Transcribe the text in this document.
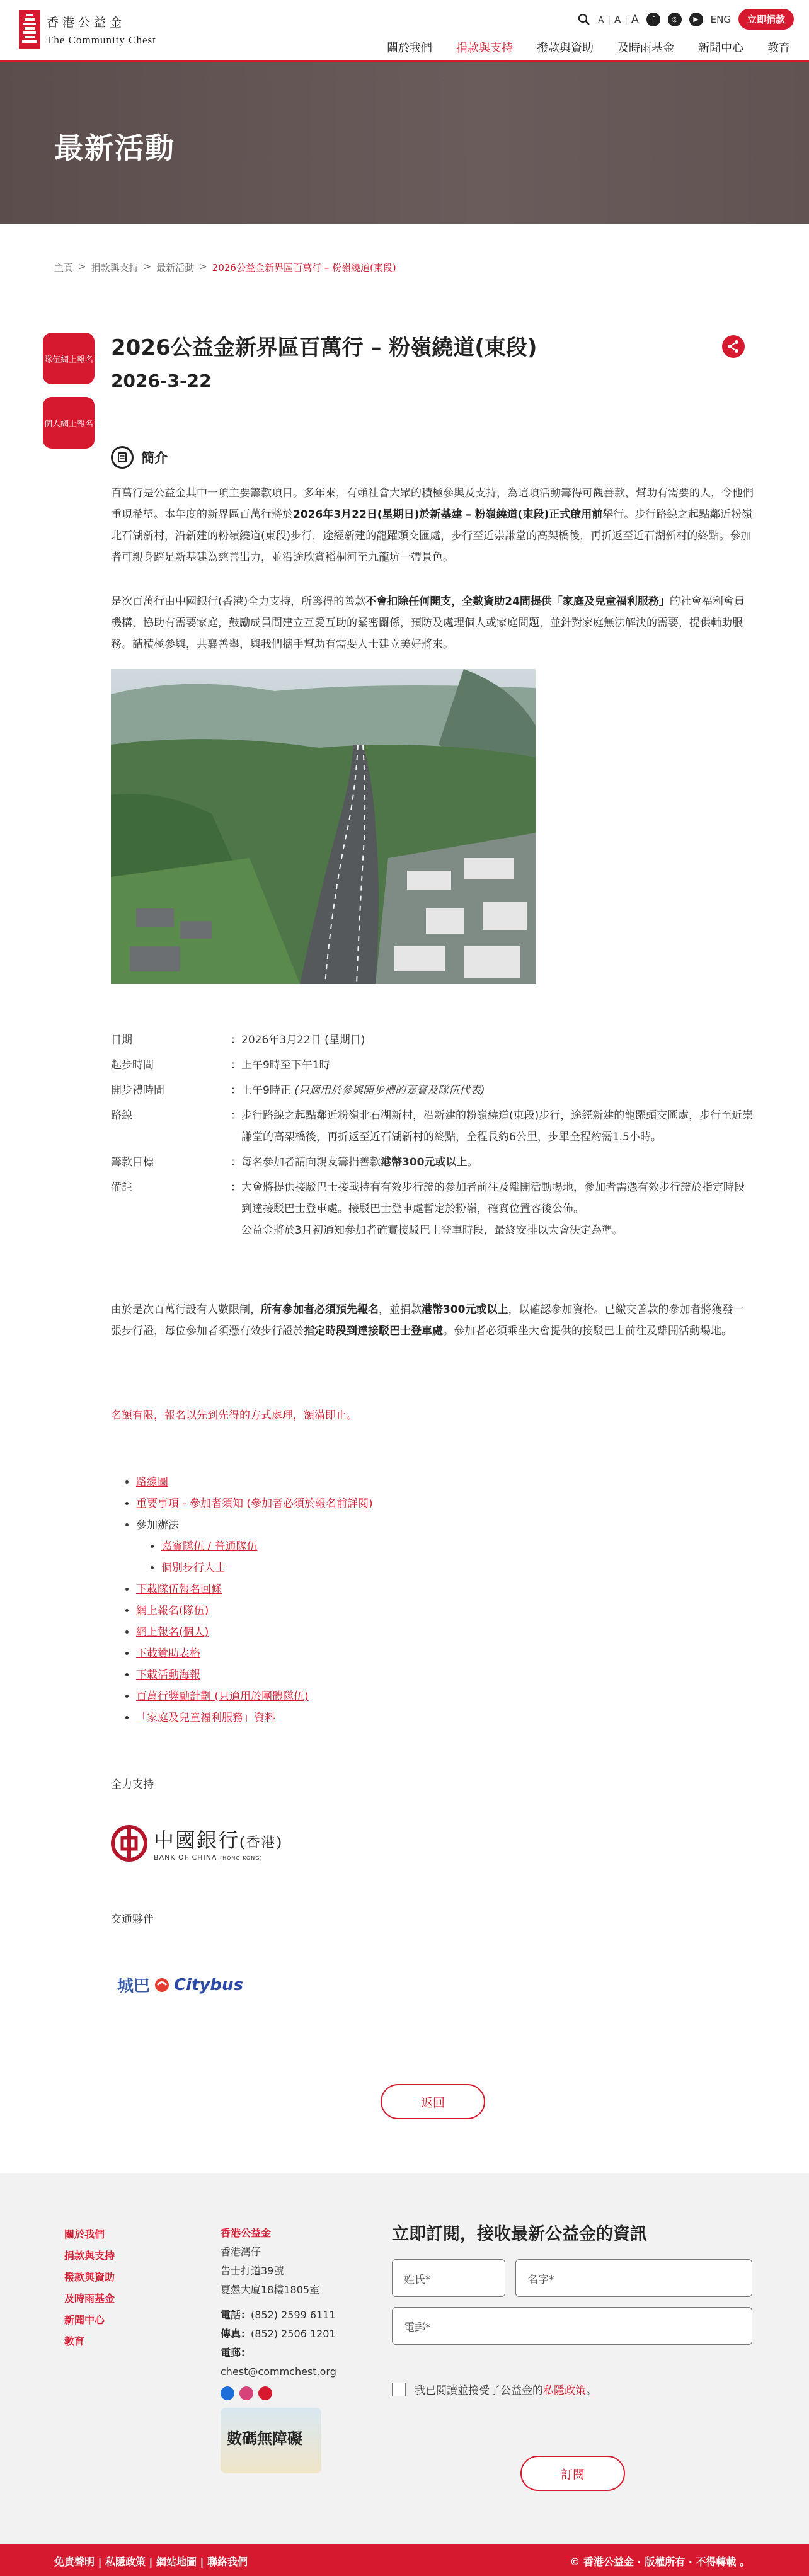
香港公益金
The Community Chest
A | A | A	f	◎	▶	ENG	立即捐款
關於我們 捐款與支持 撥款與資助 及時雨基金 新聞中心 教育
最新活動
主頁 > 捐款與支持 > 最新活動 > 2026公益金新界區百萬行 – 粉嶺繞道(東段)
隊伍網上報名
個人網上報名
2026公益金新界區百萬行 – 粉嶺繞道(東段)
2026-3-22
簡介

百萬行是公益金其中一項主要籌款項目。多年來，有賴社會大眾的積極參與及支持，為這項活動籌得可觀善款，幫助有需要的人，令他們重現希望。本年度的新界區百萬行將於2026年3月22日(星期日)於新基建 – 粉嶺繞道(東段)正式啟用前舉行。步行路線之起點鄰近粉嶺北石湖新村，沿新建的粉嶺繞道(東段)步行，途經新建的龍躍頭交匯處，步行至近崇謙堂的高架橋後，再折返至近石湖新村的終點。參加者可親身踏足新基建為慈善出力，並沿途欣賞稻桐河至九龍坑一帶景色。

是次百萬行由中國銀行(香港)全力支持，所籌得的善款不會扣除任何開支，全數資助24間提供「家庭及兒童福利服務」的社會福利會員機構，協助有需要家庭，鼓勵成員間建立互愛互助的緊密關係，預防及處理個人或家庭問題，並針對家庭無法解決的需要，提供輔助服務。請積極參與，共襄善舉，與我們攜手幫助有需要人士建立美好將來。

日期	： 2026年3月22日 (星期日)
起步時間	： 上午9時至下午1時
開步禮時間	： 上午9時正 (只適用於參與開步禮的嘉賓及隊伍代表)
路線	： 步行路線之起點鄰近粉嶺北石湖新村，沿新建的粉嶺繞道(東段)步行，途經新建的龍躍頭交匯處，步行至近崇謙堂的高架橋後，再折返至近石湖新村的終點，全程長約6公里，步畢全程約需1.5小時。
籌款目標	： 每名參加者請向親友籌捐善款港幣300元或以上。
備註	： 大會將提供接駁巴士接載持有有效步行證的參加者前往及離開活動場地，參加者需憑有效步行證於指定時段到達接駁巴士登車處。接駁巴士登車處暫定於粉嶺，確實位置容後公佈。
公益金將於3月初通知參加者確實接駁巴士登車時段，最終安排以大會決定為準。

由於是次百萬行設有人數限制，所有參加者必須預先報名，並捐款港幣300元或以上，以確認參加資格。已繳交善款的參加者將獲發一張步行證，每位參加者須憑有效步行證於指定時段到達接駁巴士登車處。參加者必須乘坐大會提供的接駁巴士前往及離開活動場地。

名額有限，報名以先到先得的方式處理，額滿即止。
• 路線圖
• 重要事項 - 參加者須知 (參加者必須於報名前詳閱)
• 參加辦法
• 嘉賓隊伍 / 普通隊伍
• 個別步行人士
• 下載隊伍報名回條
• 網上報名(隊伍)
• 網上報名(個人)
• 下載贊助表格
• 下載活動海報
• 百萬行獎勵計劃 (只適用於團體隊伍)
• 「家庭及兒童福利服務」資料
全力支持
中國銀行(香港)
BANK OF CHINA (HONG KONG)
交通夥伴
城巴 Citybus
返回
關於我們
捐款與支持
撥款與資助
及時雨基金
新聞中心
教育
香港公益金
香港灣仔
告士打道39號
夏慤大廈18樓1805室
電話：(852) 2599 6111
傳真：(852) 2506 1201
電郵：
chest@commchest.org
數碼無障礙
立即訂閱，接收最新公益金的資訊
姓氏*	名字*
電郵*
我已閱讀並接受了公益金的私隱政策。
訂閱
免責聲明 | 私隱政策 | 網站地圖 | 聯絡我們	© 香港公益金 · 版權所有 · 不得轉載 。
